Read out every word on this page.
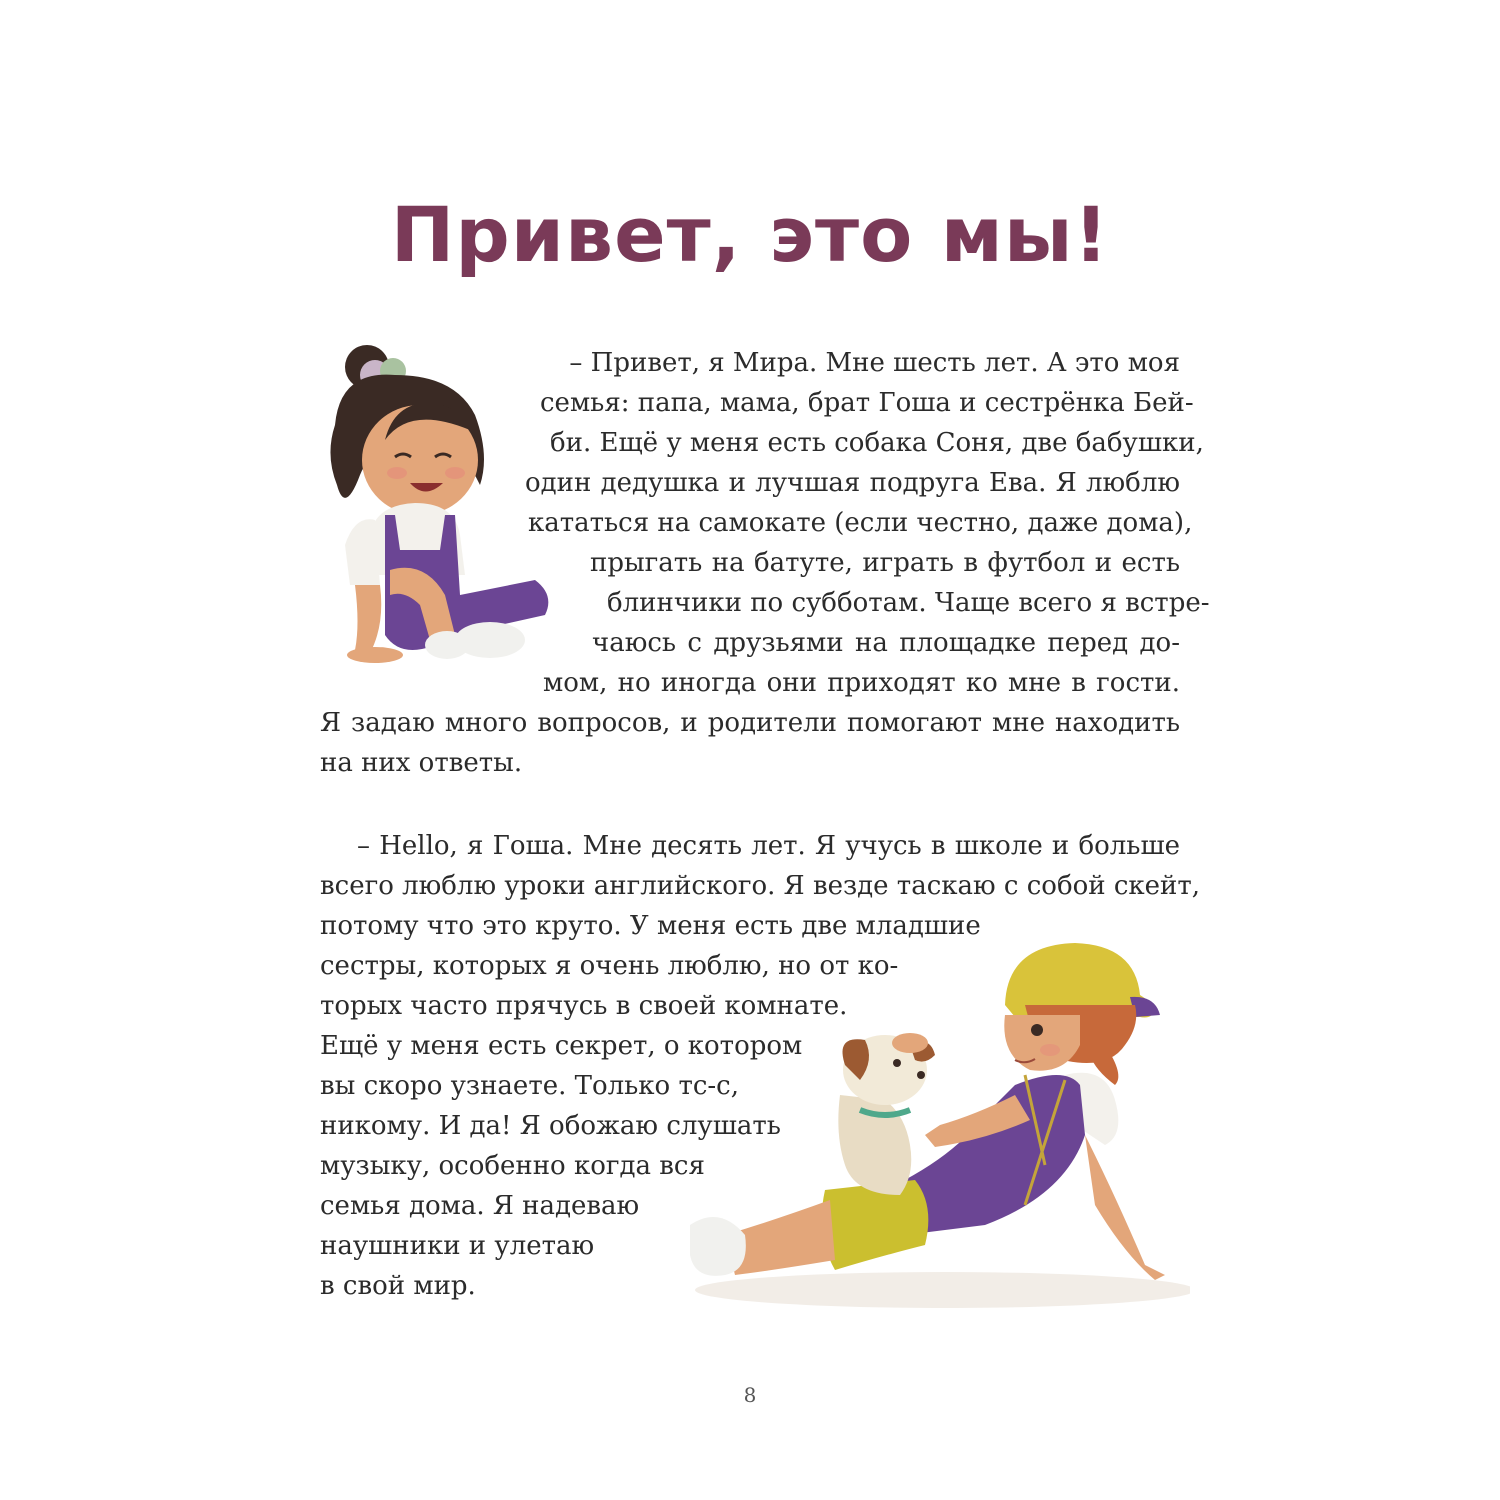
Привет, это мы!
– Привет, я Мира. Мне шесть лет. А это моя
семья: папа, мама, брат Гоша и сестрёнка Бей-
би. Ещё у меня есть собака Соня, две бабушки,
один дедушка и лучшая подруга Ева. Я люблю
кататься на самокате (если честно, даже дома),
прыгать на батуте, играть в футбол и есть
блинчики по субботам. Чаще всего я встре-
чаюсь с друзьями на площадке перед до-
мом, но иногда они приходят ко мне в гости.
Я задаю много вопросов, и родители помогают мне находить
на них ответы.
– Hello, я Гоша. Мне десять лет. Я учусь в школе и больше
всего люблю уроки английского. Я везде таскаю с собой скейт,
потому что это круто. У меня есть две младшие
сестры, которых я очень люблю, но от ко-
торых часто прячусь в своей комнате.
Ещё у меня есть секрет, о котором
вы скоро узнаете. Только тс-с,
никому. И да! Я обожаю слушать
музыку, особенно когда вся
семья дома. Я надеваю
наушники и улетаю
в свой мир.
8
